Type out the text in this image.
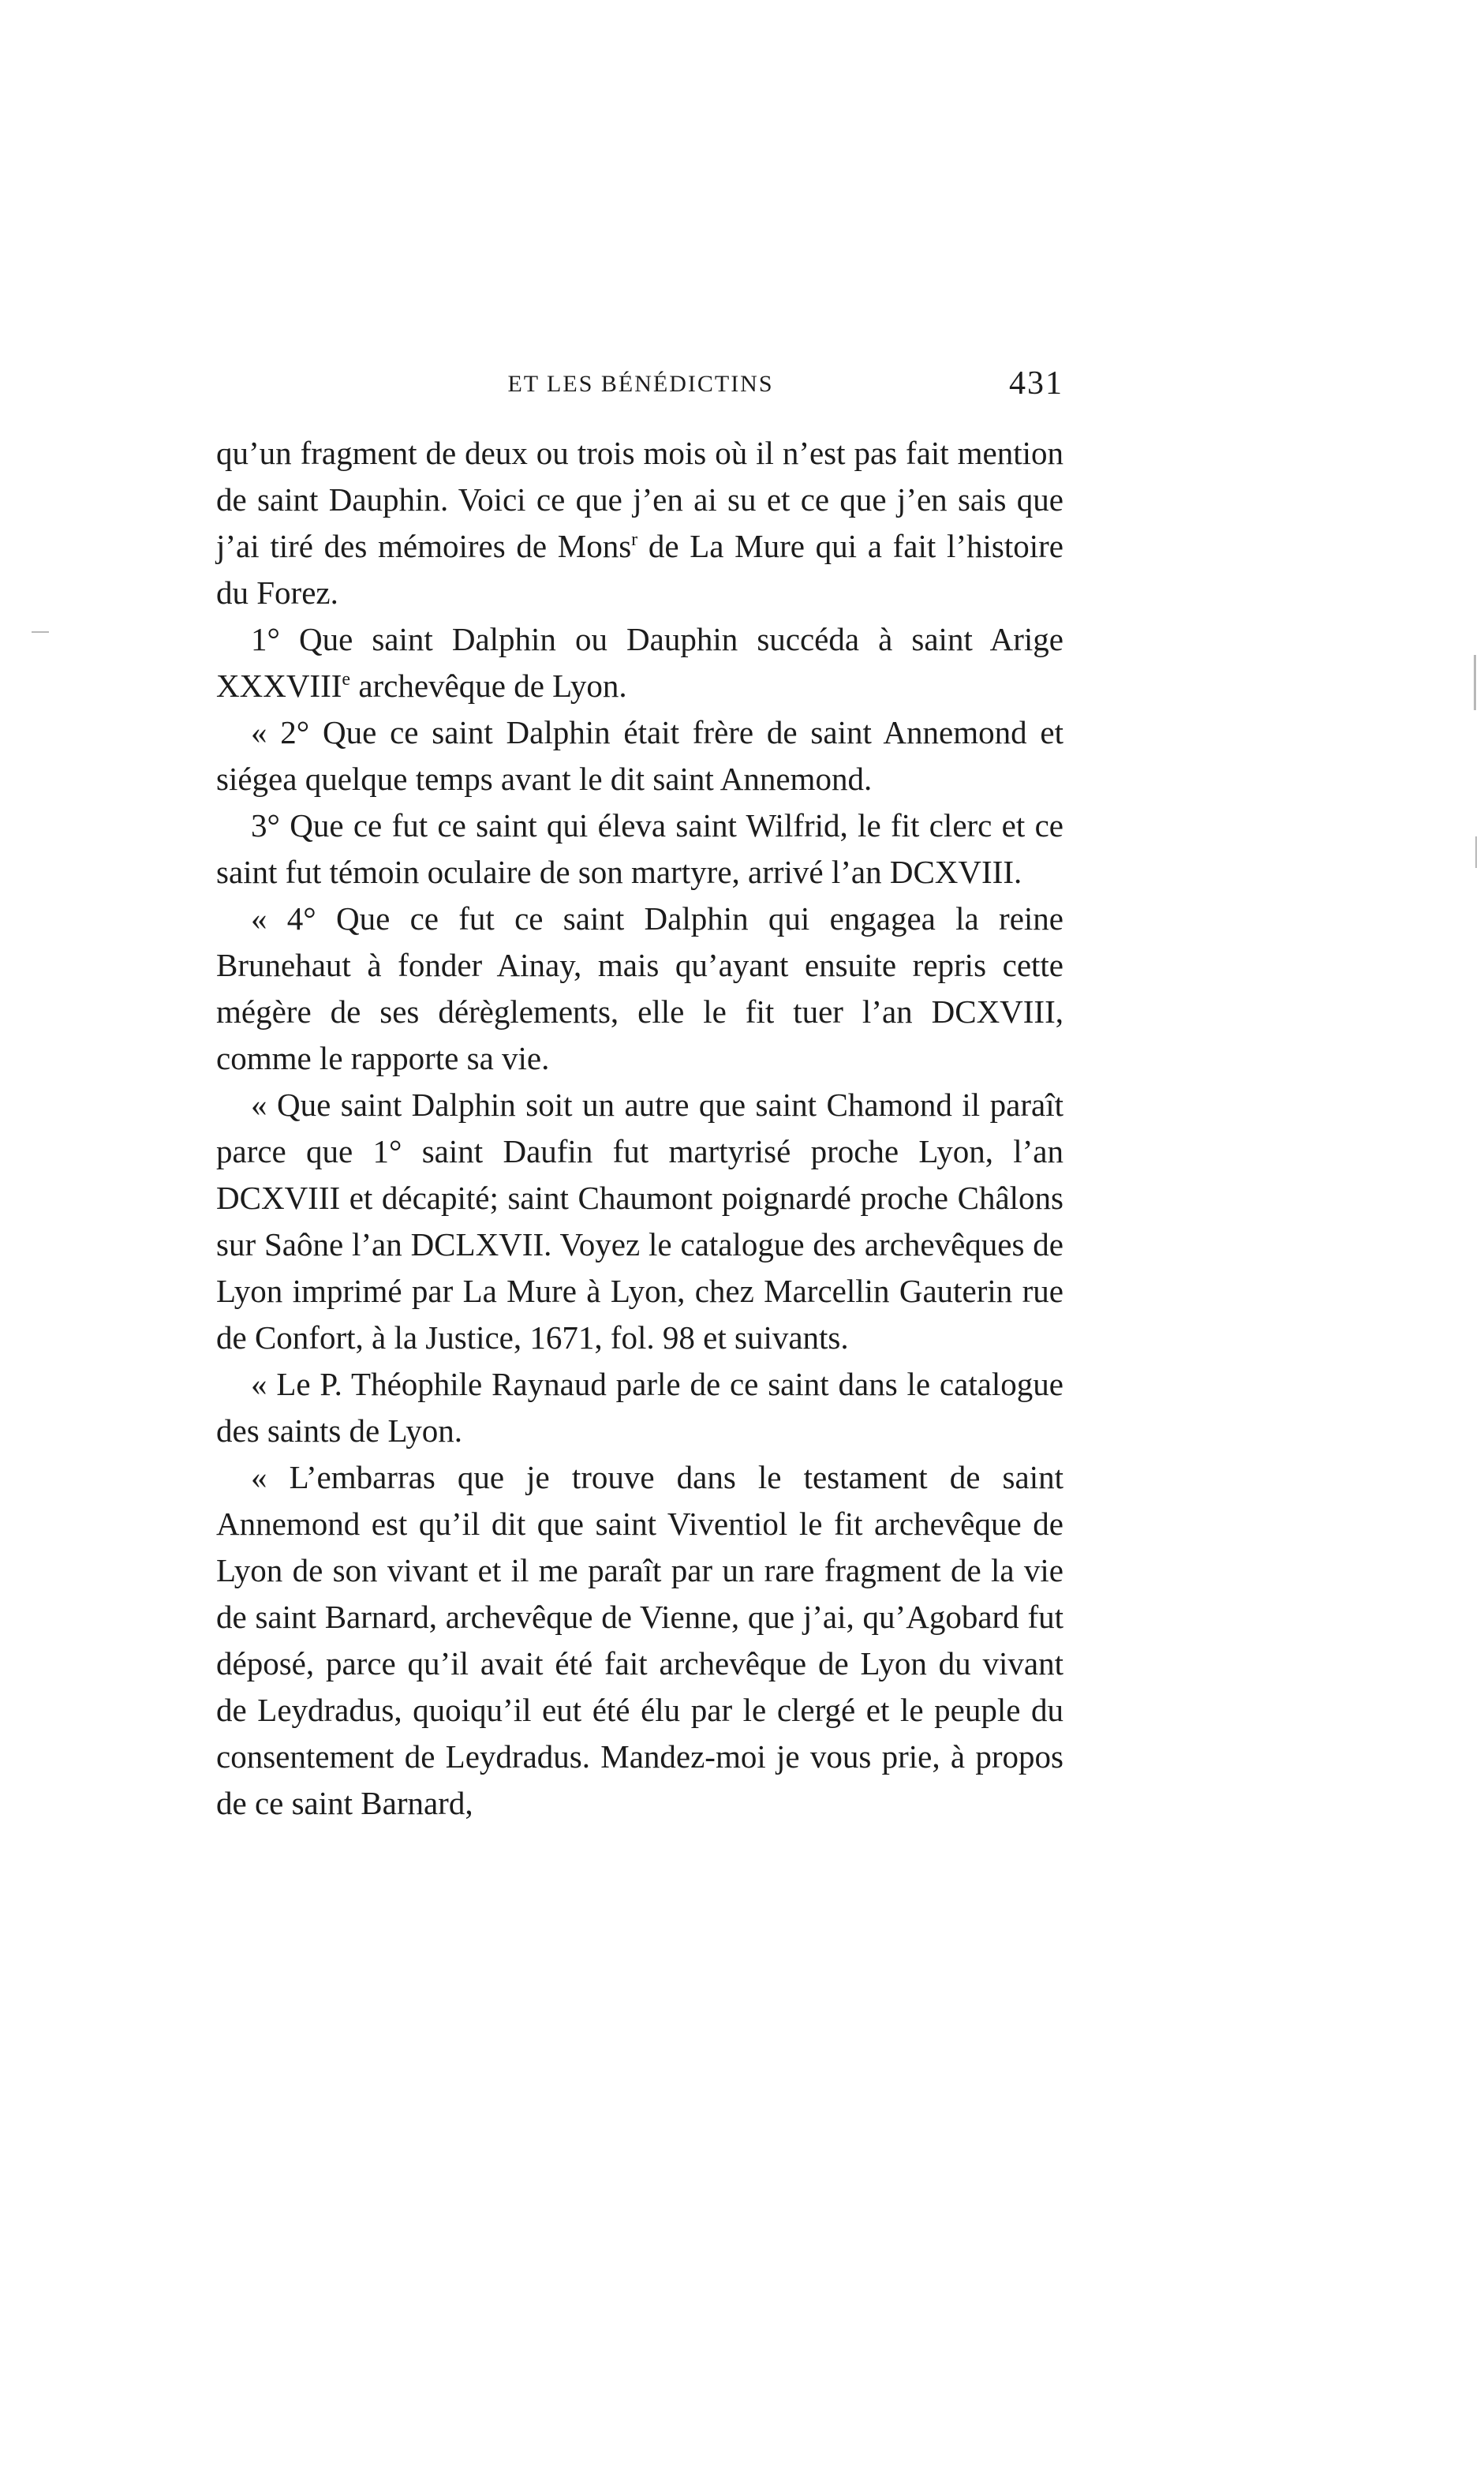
ET LES BÉNÉDICTINS	431

qu’un fragment de deux ou trois mois où il n’est pas fait mention de saint Dauphin. Voici ce que j’en ai su et ce que j’en sais que j’ai tiré des mémoires de Mons$^r$ de La Mure qui a fait l’histoire du Forez.

1° Que saint Dalphin ou Dauphin succéda à saint Arige XXXVIIIe archevêque de Lyon.

« 2° Que ce saint Dalphin était frère de saint Annemond et siégea quelque temps avant le dit saint Annemond.

3° Que ce fut ce saint qui éleva saint Wilfrid, le fit clerc et ce saint fut témoin oculaire de son martyre, arrivé l’an DCXVIII.

« 4° Que ce fut ce saint Dalphin qui engagea la reine Brunehaut à fonder Ainay, mais qu’ayant ensuite repris cette mégère de ses dérèglements, elle le fit tuer l’an DCXVIII, comme le rapporte sa vie.

« Que saint Dalphin soit un autre que saint Chamond il paraît parce que 1° saint Daufin fut martyrisé proche Lyon, l’an DCXVIII et décapité; saint Chaumont poignardé proche Châlons sur Saône l’an DCLXVII. Voyez le catalogue des archevêques de Lyon imprimé par La Mure à Lyon, chez Marcellin Gauterin rue de Confort, à la Justice, 1671, fol. 98 et suivants.

« Le P. Théophile Raynaud parle de ce saint dans le catalogue des saints de Lyon.

« L’embarras que je trouve dans le testament de saint Annemond est qu’il dit que saint Viventiol le fit archevêque de Lyon de son vivant et il me paraît par un rare fragment de la vie de saint Barnard, archevêque de Vienne, que j’ai, qu’Agobard fut déposé, parce qu’il avait été fait archevêque de Lyon du vivant de Leydradus, quoiqu’il eut été élu par le clergé et le peuple du consentement de Leydradus. Mandez-moi je vous prie, à propos de ce saint Barnard,
